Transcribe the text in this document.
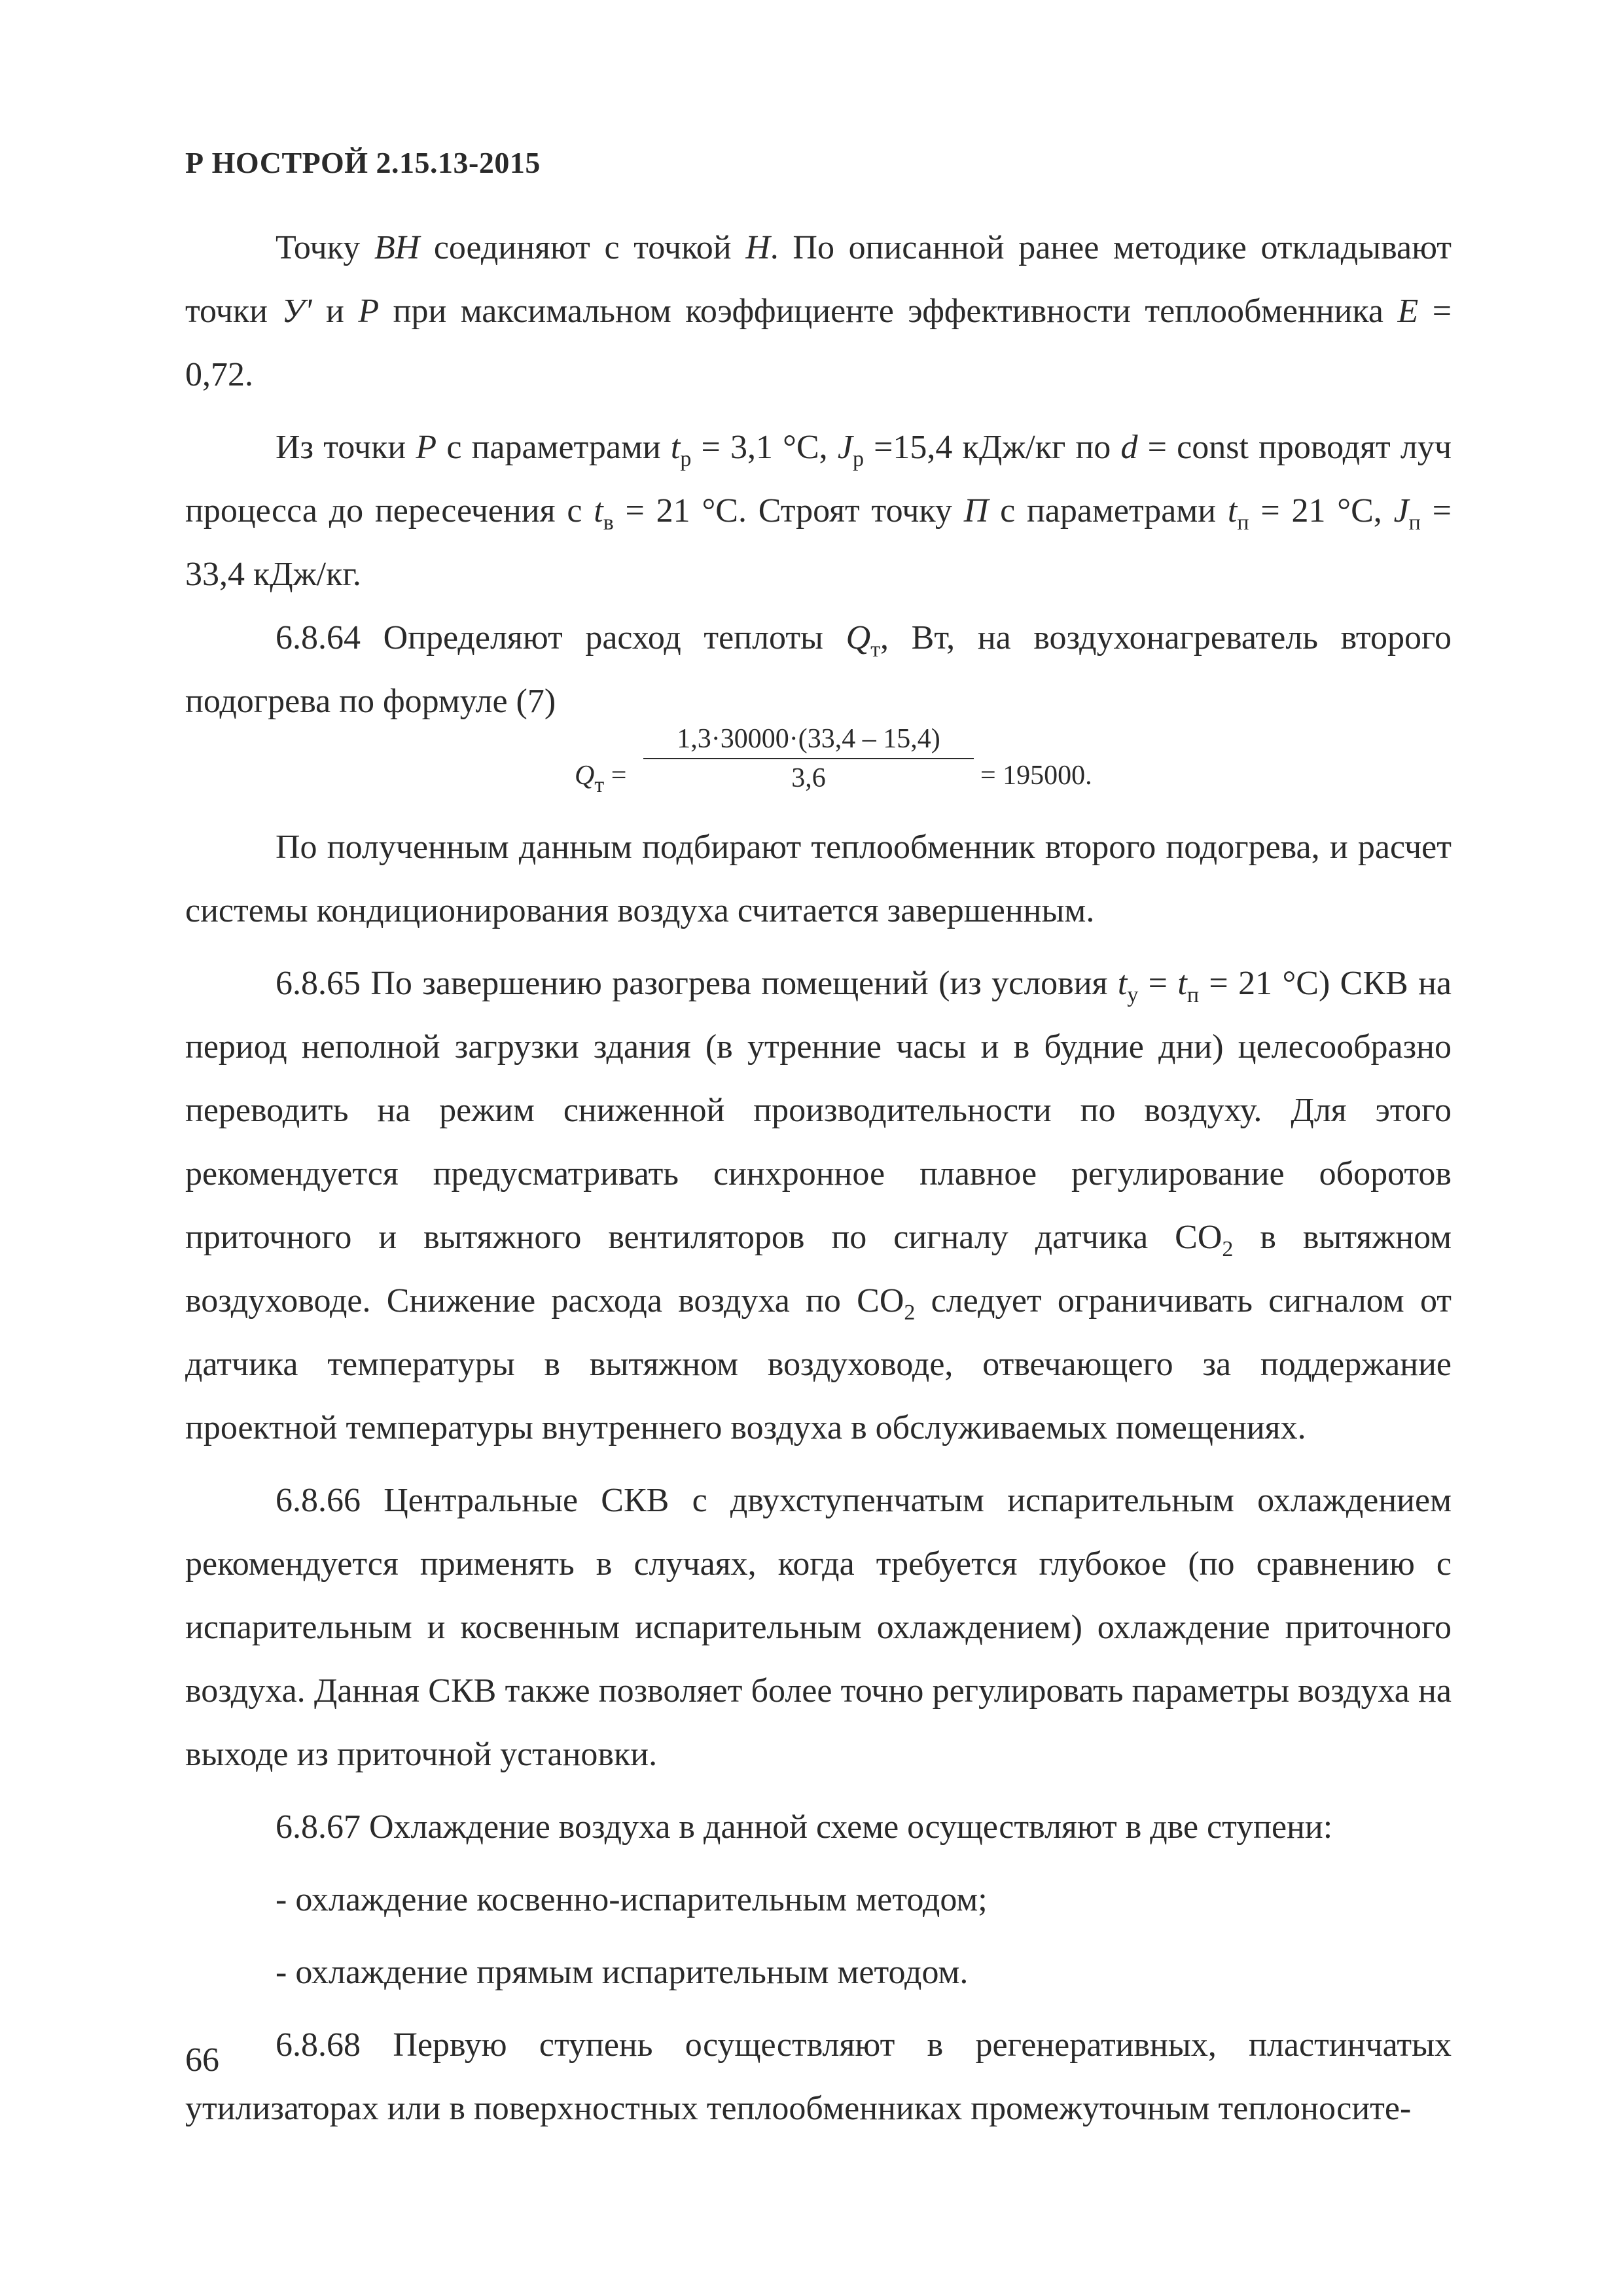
Р НОСТРОЙ 2.15.13-2015

Точку ВН соединяют с точкой Н. По описанной ранее методике откладывают точки У' и Р при максимальном коэффициенте эффективности теплообменника E = 0,72.

Из точки Р с параметрами $t_р = 3,1$ °С, $J_р =15,4$ кДж/кг по d = const проводят луч процесса до пересечения с $t_в = 21$ °С. Строят точку П с параметрами $t_п = 21$ °С, $J_п = 33,4$ кДж/кг.

6.8.64 Определяют расход теплоты $Q_т$, Вт, на воздухонагреватель второго подогрева по формуле (7)

$Q_т = \frac{1,3\cdot 30000\cdot(33,4 - 15,4)}{3,6} = 195000$.

По полученным данным подбирают теплообменник второго подогрева, и расчет системы кондиционирования воздуха считается завершенным.

6.8.65 По завершению разогрева помещений (из условия $t_у = t_п = 21$ °С) СКВ на период неполной загрузки здания (в утренние часы и в будние дни) целесообразно переводить на режим сниженной производительности по воздуху. Для этого рекомендуется предусматривать синхронное плавное регулирование оборотов приточного и вытяжного вентиляторов по сигналу датчика $СО_2$ в вытяжном воздуховоде. Снижение расхода воздуха по $СО_2$ следует ограничивать сигналом от датчика температуры в вытяжном воздуховоде, отвечающего за поддержание проектной температуры внутреннего воздуха в обслуживаемых помещениях.

6.8.66 Центральные СКВ с двухступенчатым испарительным охлаждением рекомендуется применять в случаях, когда требуется глубокое (по сравнению с испарительным и косвенным испарительным охлаждением) охлаждение приточного воздуха. Данная СКВ также позволяет более точно регулировать параметры воздуха на выходе из приточной установки.

6.8.67 Охлаждение воздуха в данной схеме осуществляют в две ступени:

- охлаждение косвенно-испарительным методом;

- охлаждение прямым испарительным методом.

6.8.68 Первую ступень осуществляют в регенеративных, пластинчатых утилизаторах или в поверхностных теплообменниках промежуточным теплоносите-

66
